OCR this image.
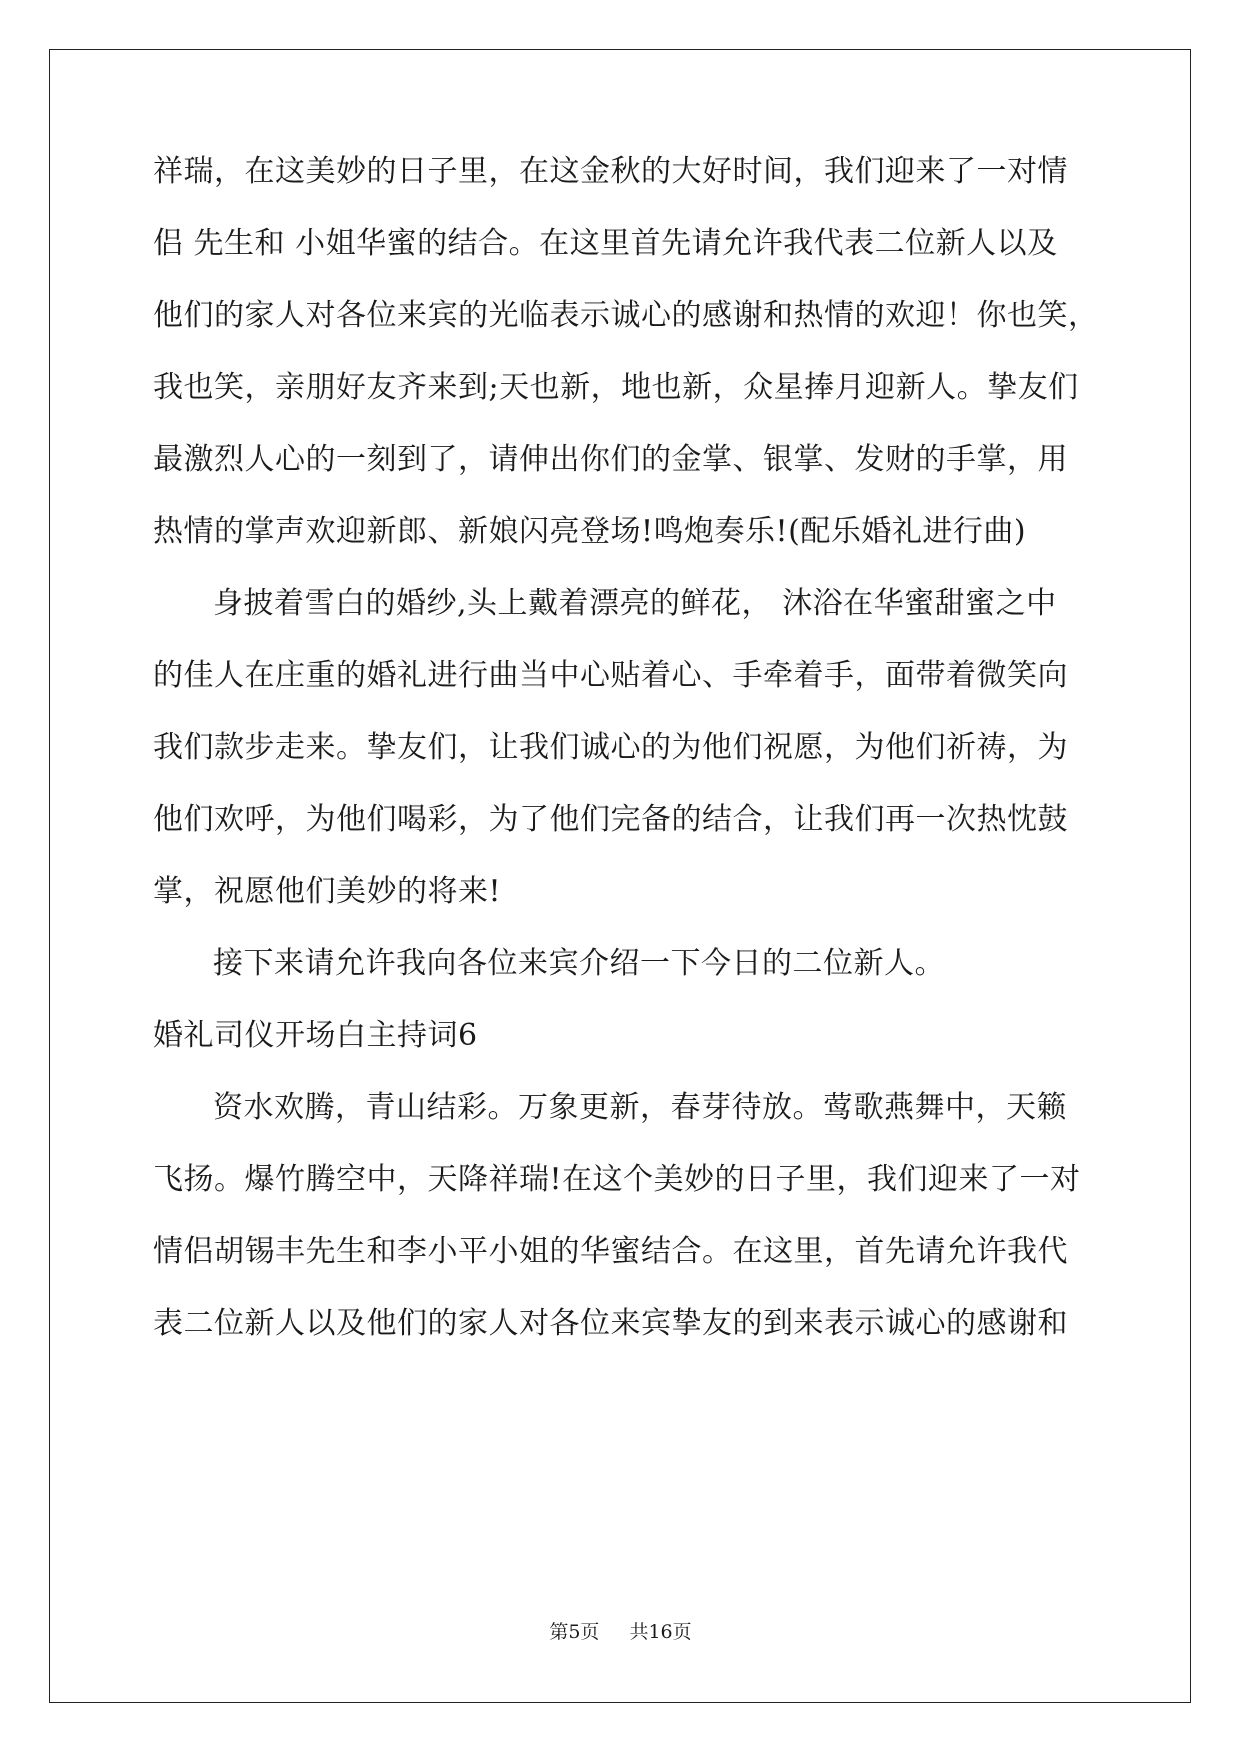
祥瑞，在这美妙的日子里，在这金秋的大好时间，我们迎来了一对情
侣 先生和 小姐华蜜的结合。在这里首先请允许我代表二位新人以及
他们的家人对各位来宾的光临表示诚心的感谢和热情的欢迎！你也笑，
我也笑，亲朋好友齐来到;天也新，地也新，众星捧月迎新人。挚友们
最激烈人心的一刻到了，请伸出你们的金掌、银掌、发财的手掌，用
热情的掌声欢迎新郎、新娘闪亮登场!鸣炮奏乐!(配乐婚礼进行曲)
身披着雪白的婚纱,头上戴着漂亮的鲜花， 沐浴在华蜜甜蜜之中
的佳人在庄重的婚礼进行曲当中心贴着心、手牵着手，面带着微笑向
我们款步走来。挚友们，让我们诚心的为他们祝愿，为他们祈祷，为
他们欢呼，为他们喝彩，为了他们完备的结合，让我们再一次热忱鼓
掌，祝愿他们美妙的将来!
接下来请允许我向各位来宾介绍一下今日的二位新人。
婚礼司仪开场白主持词6
资水欢腾，青山结彩。万象更新，春芽待放。莺歌燕舞中，天籁
飞扬。爆竹腾空中，天降祥瑞!在这个美妙的日子里，我们迎来了一对
情侣胡锡丰先生和李小平小姐的华蜜结合。在这里，首先请允许我代
表二位新人以及他们的家人对各位来宾挚友的到来表示诚心的感谢和
第5页 共16页
